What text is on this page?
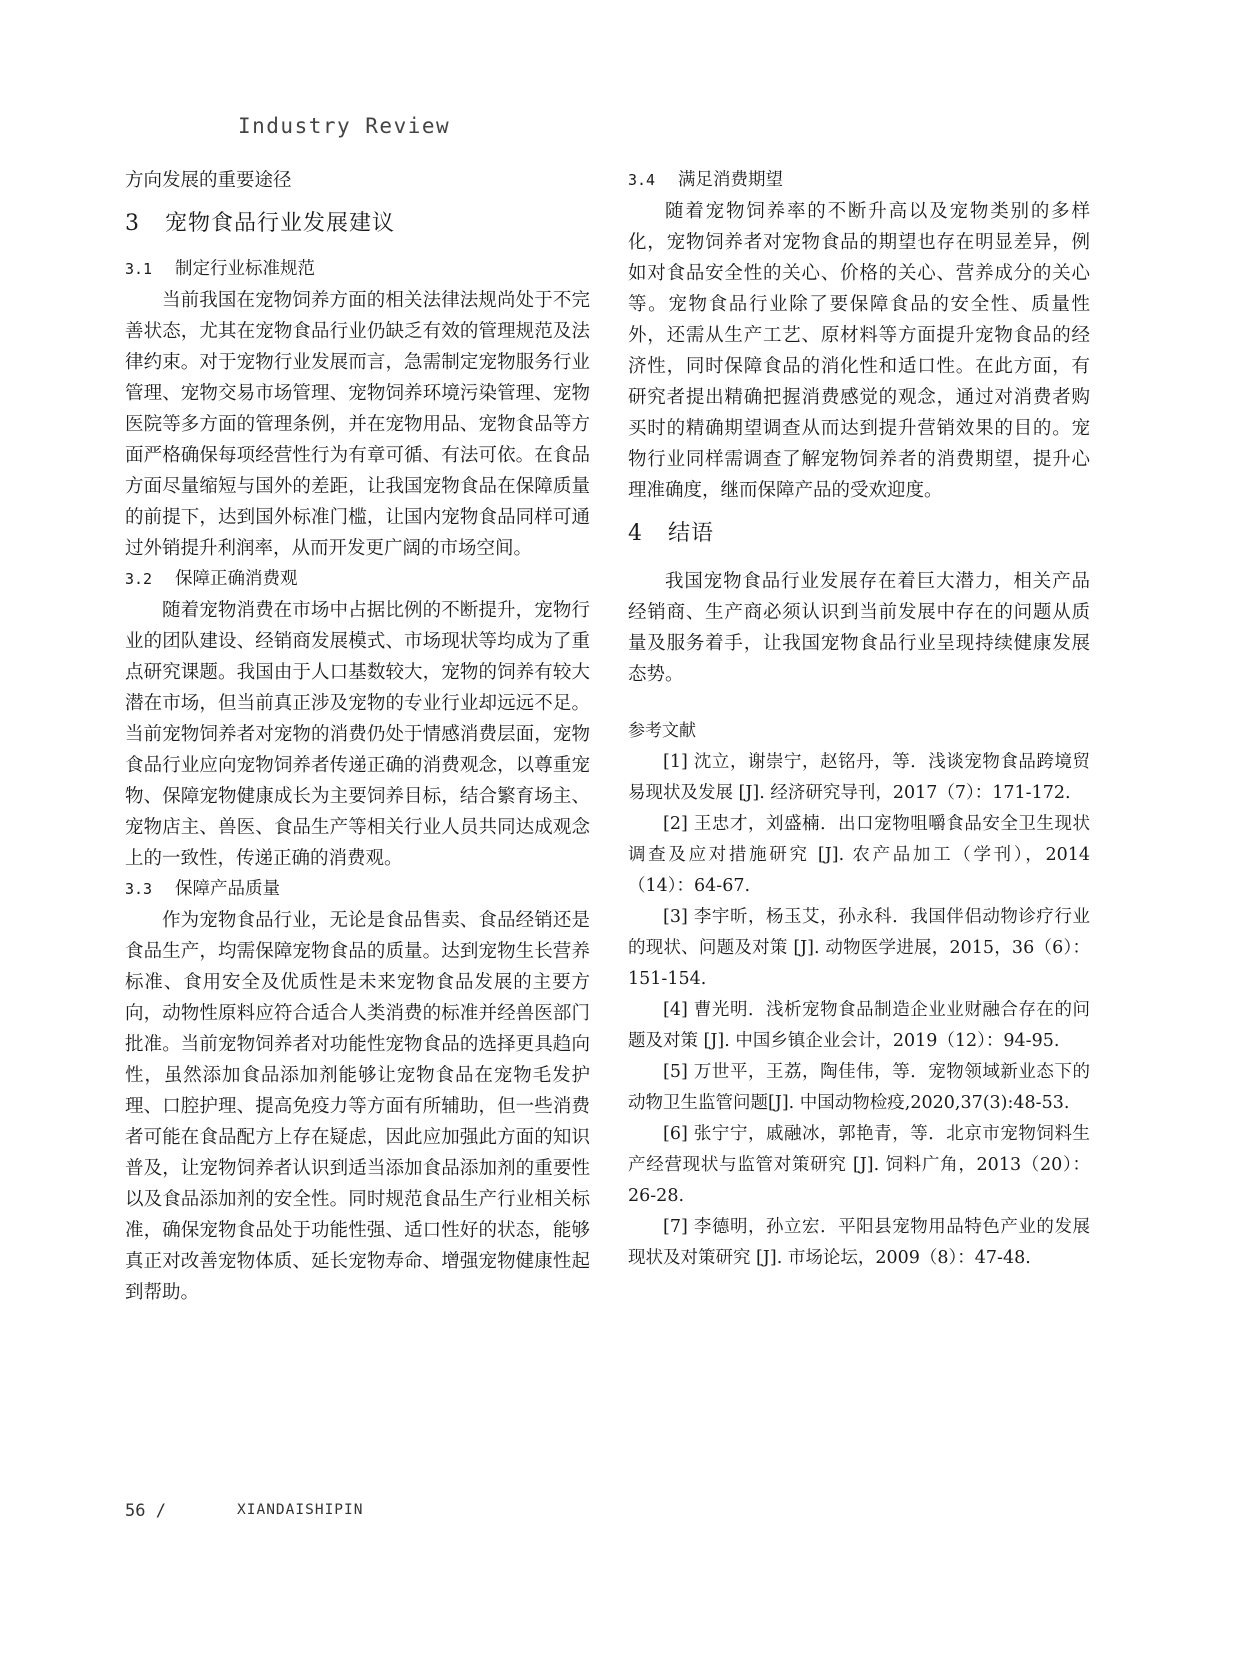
Industry Review

方向发展的重要途径

3 宠物食品行业发展建议
3.1 制定行业标准规范

当前我国在宠物饲养方面的相关法律法规尚处于不完善状态，尤其在宠物食品行业仍缺乏有效的管理规范及法律约束。对于宠物行业发展而言，急需制定宠物服务行业管理、宠物交易市场管理、宠物饲养环境污染管理、宠物医院等多方面的管理条例，并在宠物用品、宠物食品等方面严格确保每项经营性行为有章可循、有法可依。在食品方面尽量缩短与国外的差距，让我国宠物食品在保障质量的前提下，达到国外标准门槛，让国内宠物食品同样可通过外销提升利润率，从而开发更广阔的市场空间。

3.2 保障正确消费观

随着宠物消费在市场中占据比例的不断提升，宠物行业的团队建设、经销商发展模式、市场现状等均成为了重点研究课题。我国由于人口基数较大，宠物的饲养有较大潜在市场，但当前真正涉及宠物的专业行业却远远不足。当前宠物饲养者对宠物的消费仍处于情感消费层面，宠物食品行业应向宠物饲养者传递正确的消费观念，以尊重宠物、保障宠物健康成长为主要饲养目标，结合繁育场主、宠物店主、兽医、食品生产等相关行业人员共同达成观念上的一致性，传递正确的消费观。

3.3 保障产品质量

作为宠物食品行业，无论是食品售卖、食品经销还是食品生产，均需保障宠物食品的质量。达到宠物生长营养标准、食用安全及优质性是未来宠物食品发展的主要方向，动物性原料应符合适合人类消费的标准并经兽医部门批准。当前宠物饲养者对功能性宠物食品的选择更具趋向性，虽然添加食品添加剂能够让宠物食品在宠物毛发护理、口腔护理、提高免疫力等方面有所辅助，但一些消费者可能在食品配方上存在疑虑，因此应加强此方面的知识普及，让宠物饲养者认识到适当添加食品添加剂的重要性以及食品添加剂的安全性。同时规范食品生产行业相关标准，确保宠物食品处于功能性强、适口性好的状态，能够真正对改善宠物体质、延长宠物寿命、增强宠物健康性起到帮助。

3.4 满足消费期望

随着宠物饲养率的不断升高以及宠物类别的多样化，宠物饲养者对宠物食品的期望也存在明显差异，例如对食品安全性的关心、价格的关心、营养成分的关心等。宠物食品行业除了要保障食品的安全性、质量性外，还需从生产工艺、原材料等方面提升宠物食品的经济性，同时保障食品的消化性和适口性。在此方面，有研究者提出精确把握消费感觉的观念，通过对消费者购买时的精确期望调查从而达到提升营销效果的目的。宠物行业同样需调查了解宠物饲养者的消费期望，提升心理准确度，继而保障产品的受欢迎度。

4 结语

我国宠物食品行业发展存在着巨大潜力，相关产品经销商、生产商必须认识到当前发展中存在的问题从质量及服务着手，让我国宠物食品行业呈现持续健康发展态势。

参考文献

[1] 沈立，谢崇宁，赵铭丹，等．浅谈宠物食品跨境贸易现状及发展 [J]. 经济研究导刊，2017（7）：171-172.

[2] 王忠才，刘盛楠．出口宠物咀嚼食品安全卫生现状调查及应对措施研究 [J]. 农产品加工（学刊），2014（14）：64-67.

[3] 李宇昕，杨玉艾，孙永科．我国伴侣动物诊疗行业的现状、问题及对策 [J]. 动物医学进展，2015，36（6）：151-154.

[4] 曹光明．浅析宠物食品制造企业业财融合存在的问题及对策 [J]. 中国乡镇企业会计，2019（12）：94-95.

[5] 万世平，王荔，陶佳伟，等．宠物领域新业态下的动物卫生监管问题[J]. 中国动物检疫,2020,37(3):48-53.

[6] 张宁宁，戚融冰，郭艳青，等．北京市宠物饲料生产经营现状与监管对策研究 [J]. 饲料广角，2013（20）：26-28.

[7] 李德明，孙立宏．平阳县宠物用品特色产业的发展现状及对策研究 [J]. 市场论坛，2009（8）：47-48.

56 /	XIANDAISHIPIN
